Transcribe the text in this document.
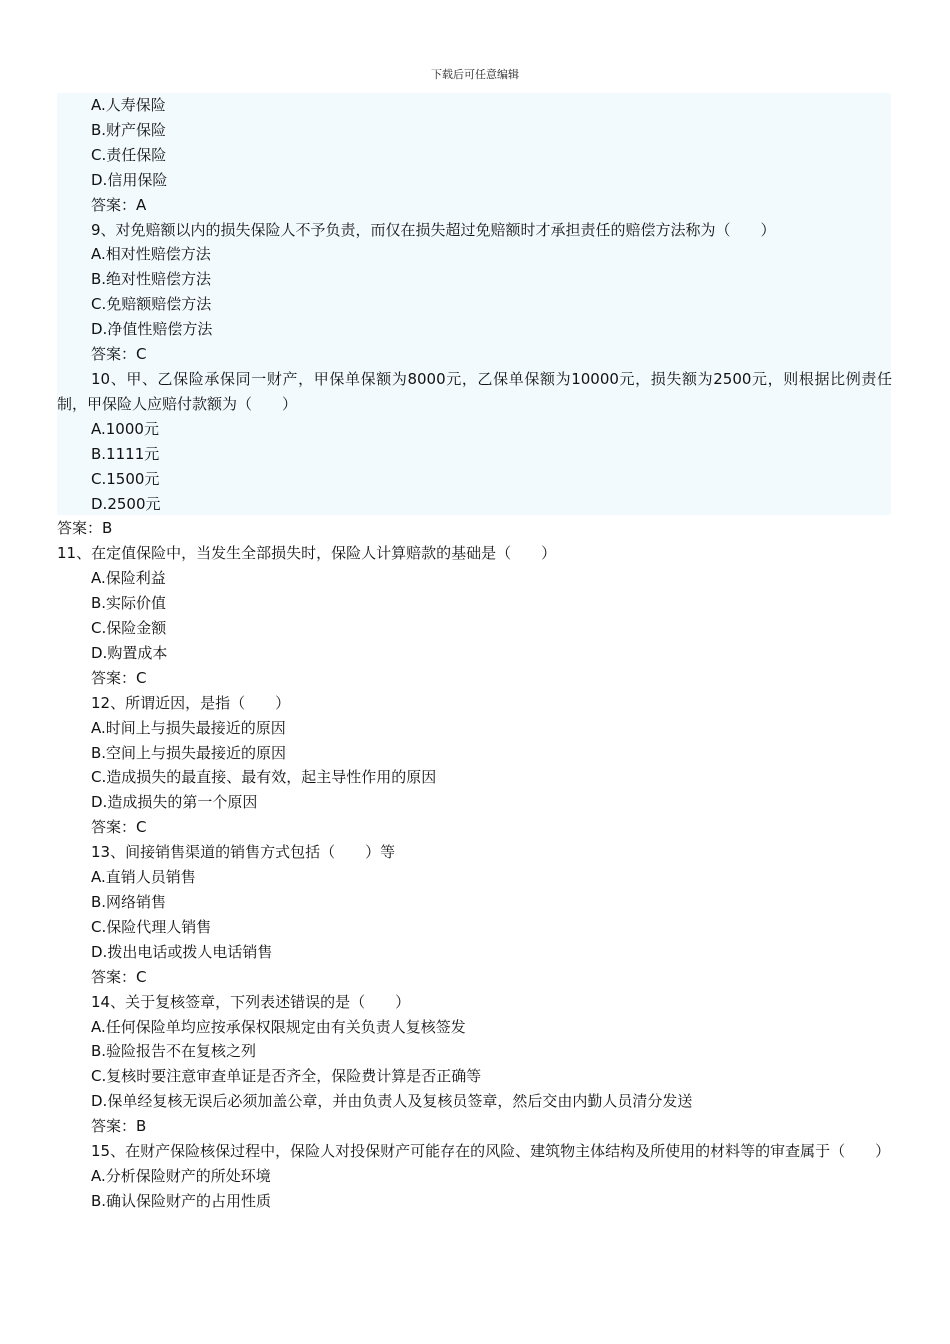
下载后可任意编辑
A.人寿保险
B.财产保险
C.责任保险
D.信用保险
答案：A
9、对免赔额以内的损失保险人不予负责，而仅在损失超过免赔额时才承担责任的赔偿方法称为（　　）
A.相对性赔偿方法
B.绝对性赔偿方法
C.免赔额赔偿方法
D.净值性赔偿方法
答案：C
10、甲、乙保险承保同一财产，甲保单保额为8000元，乙保单保额为10000元，损失额为2500元，则根据比例责任制，甲保险人应赔付款额为（　　）
A.1000元
B.1111元
C.1500元
D.2500元
答案：B
11、在定值保险中，当发生全部损失时，保险人计算赔款的基础是（　　）
A.保险利益
B.实际价值
C.保险金额
D.购置成本
答案：C
12、所谓近因，是指（　　）
A.时间上与损失最接近的原因
B.空间上与损失最接近的原因
C.造成损失的最直接、最有效，起主导性作用的原因
D.造成损失的第一个原因
答案：C
13、间接销售渠道的销售方式包括（　　）等
A.直销人员销售
B.网络销售
C.保险代理人销售
D.拨出电话或拨人电话销售
答案：C
14、关于复核签章，下列表述错误的是（　　）
A.任何保险单均应按承保权限规定由有关负责人复核签发
B.验险报告不在复核之列
C.复核时要注意审查单证是否齐全，保险费计算是否正确等
D.保单经复核无误后必须加盖公章，并由负责人及复核员签章，然后交由内勤人员清分发送
答案：B
15、在财产保险核保过程中，保险人对投保财产可能存在的风险、建筑物主体结构及所使用的材料等的审查属于（　　）
A.分析保险财产的所处环境
B.确认保险财产的占用性质
